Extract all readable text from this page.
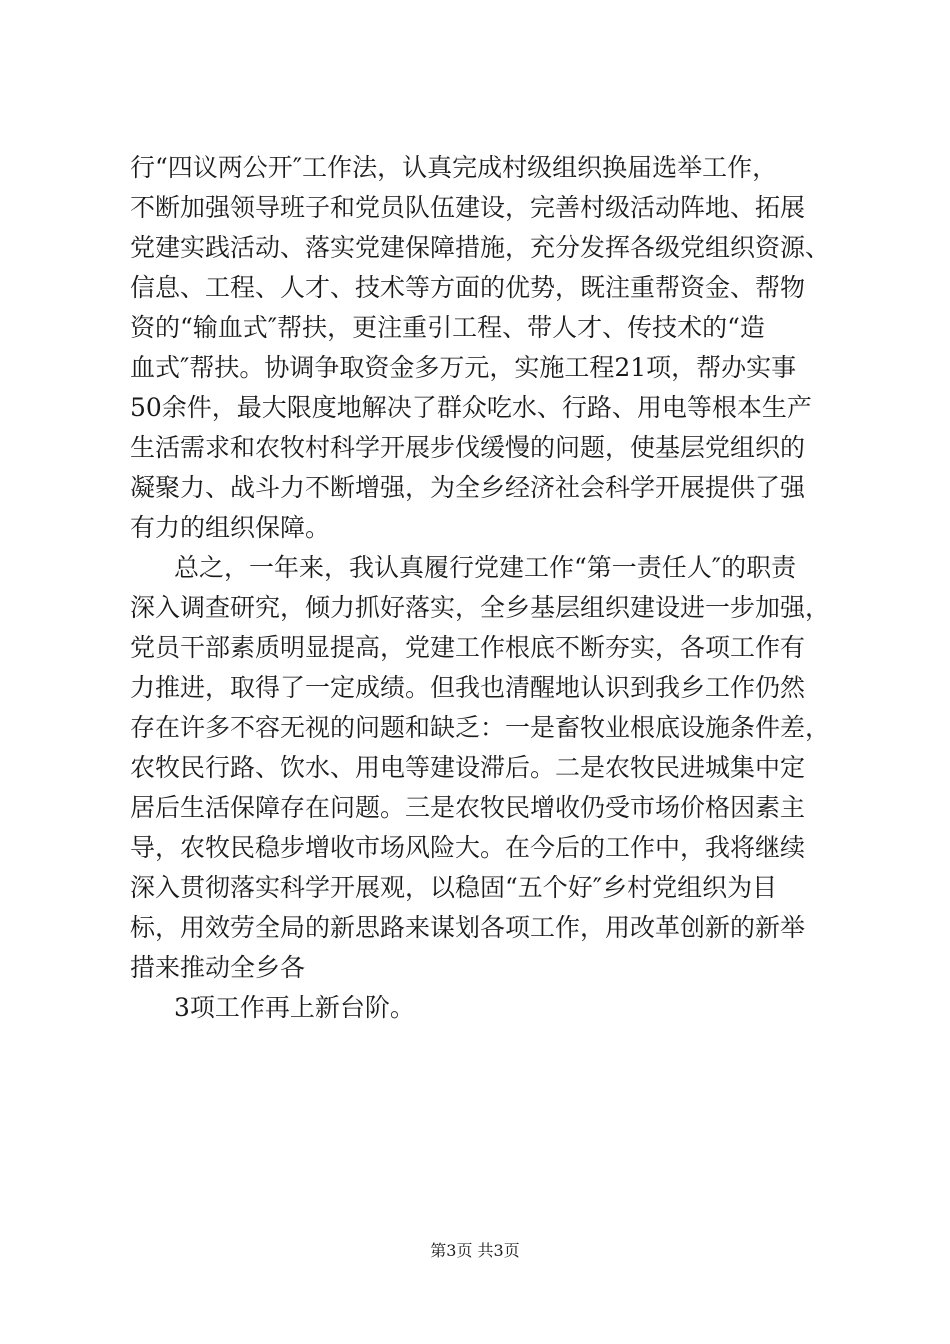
行“四议两公开″工作法，认真完成村级组织换届选举工作，
不断加强领导班子和党员队伍建设，完善村级活动阵地、拓展
党建实践活动、落实党建保障措施，充分发挥各级党组织资源、
信息、工程、人才、技术等方面的优势，既注重帮资金、帮物
资的“输血式″帮扶，更注重引工程、带人才、传技术的“造
血式″帮扶。协调争取资金多万元，实施工程21项，帮办实事
50余件，最大限度地解决了群众吃水、行路、用电等根本生产
生活需求和农牧村科学开展步伐缓慢的问题，使基层党组织的
凝聚力、战斗力不断增强，为全乡经济社会科学开展提供了强
有力的组织保障。
总之，一年来，我认真履行党建工作“第一责任人″的职责
深入调查研究，倾力抓好落实，全乡基层组织建设进一步加强，
党员干部素质明显提高，党建工作根底不断夯实，各项工作有
力推进，取得了一定成绩。但我也清醒地认识到我乡工作仍然
存在许多不容无视的问题和缺乏：一是畜牧业根底设施条件差，
农牧民行路、饮水、用电等建设滞后。二是农牧民进城集中定
居后生活保障存在问题。三是农牧民增收仍受市场价格因素主
导，农牧民稳步增收市场风险大。在今后的工作中，我将继续
深入贯彻落实科学开展观，以稳固“五个好″乡村党组织为目
标，用效劳全局的新思路来谋划各项工作，用改革创新的新举
措来推动全乡各
3项工作再上新台阶。
第3页 共3页
